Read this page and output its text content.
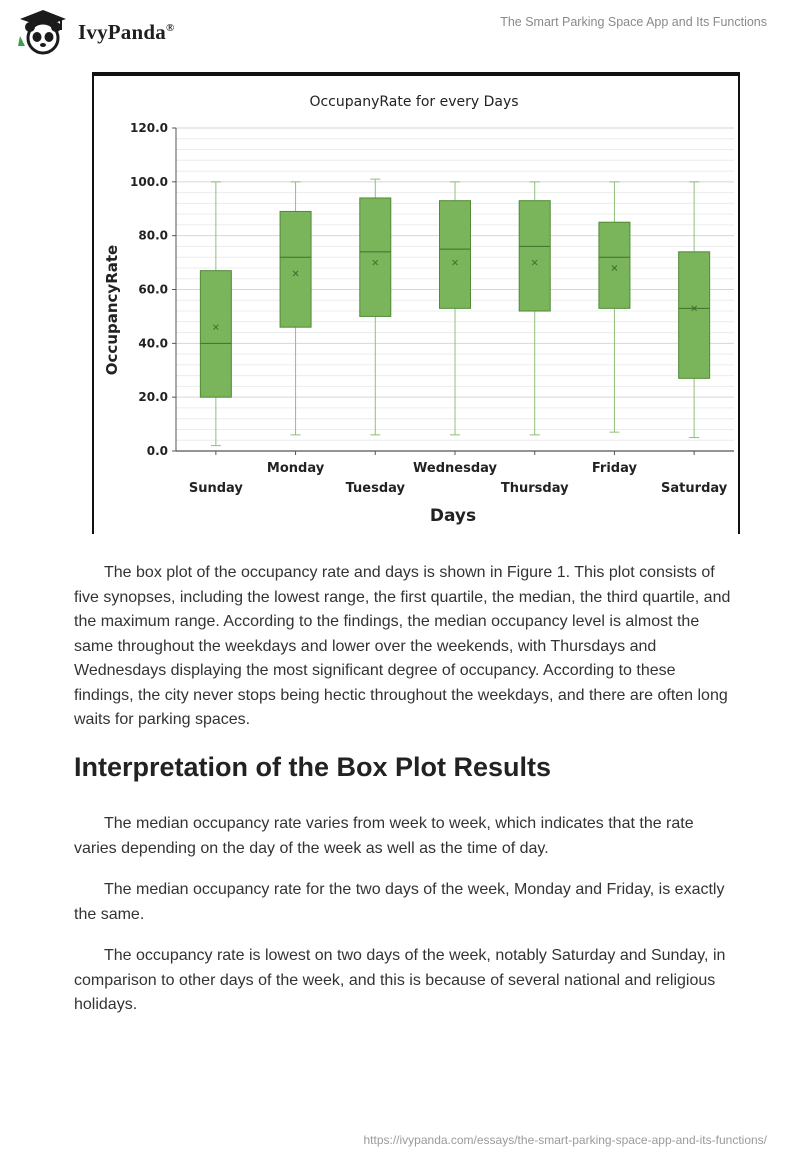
IvyPanda®	The Smart Parking Space App and Its Functions
OccupanyRate for every Days
Days
OccupancyRate
0.0
20.0
40.0
60.0
80.0
100.0
120.0
Sunday
Monday
Tuesday
Wednesday
Thursday
Friday
Saturday

The box plot of the occupancy rate and days is shown in Figure 1. This plot consists of five synopses, including the lowest range, the first quartile, the median, the third quartile, and the maximum range. According to the findings, the median occupancy level is almost the same throughout the weekdays and lower over the weekends, with Thursdays and Wednesdays displaying the most significant degree of occupancy. According to these findings, the city never stops being hectic throughout the weekdays, and there are often long waits for parking spaces.

Interpretation of the Box Plot Results

The median occupancy rate varies from week to week, which indicates that the rate varies depending on the day of the week as well as the time of day.

The median occupancy rate for the two days of the week, Monday and Friday, is exactly the same.

The occupancy rate is lowest on two days of the week, notably Saturday and Sunday, in comparison to other days of the week, and this is because of several national and religious holidays.

https://ivypanda.com/essays/the-smart-parking-space-app-and-its-functions/
